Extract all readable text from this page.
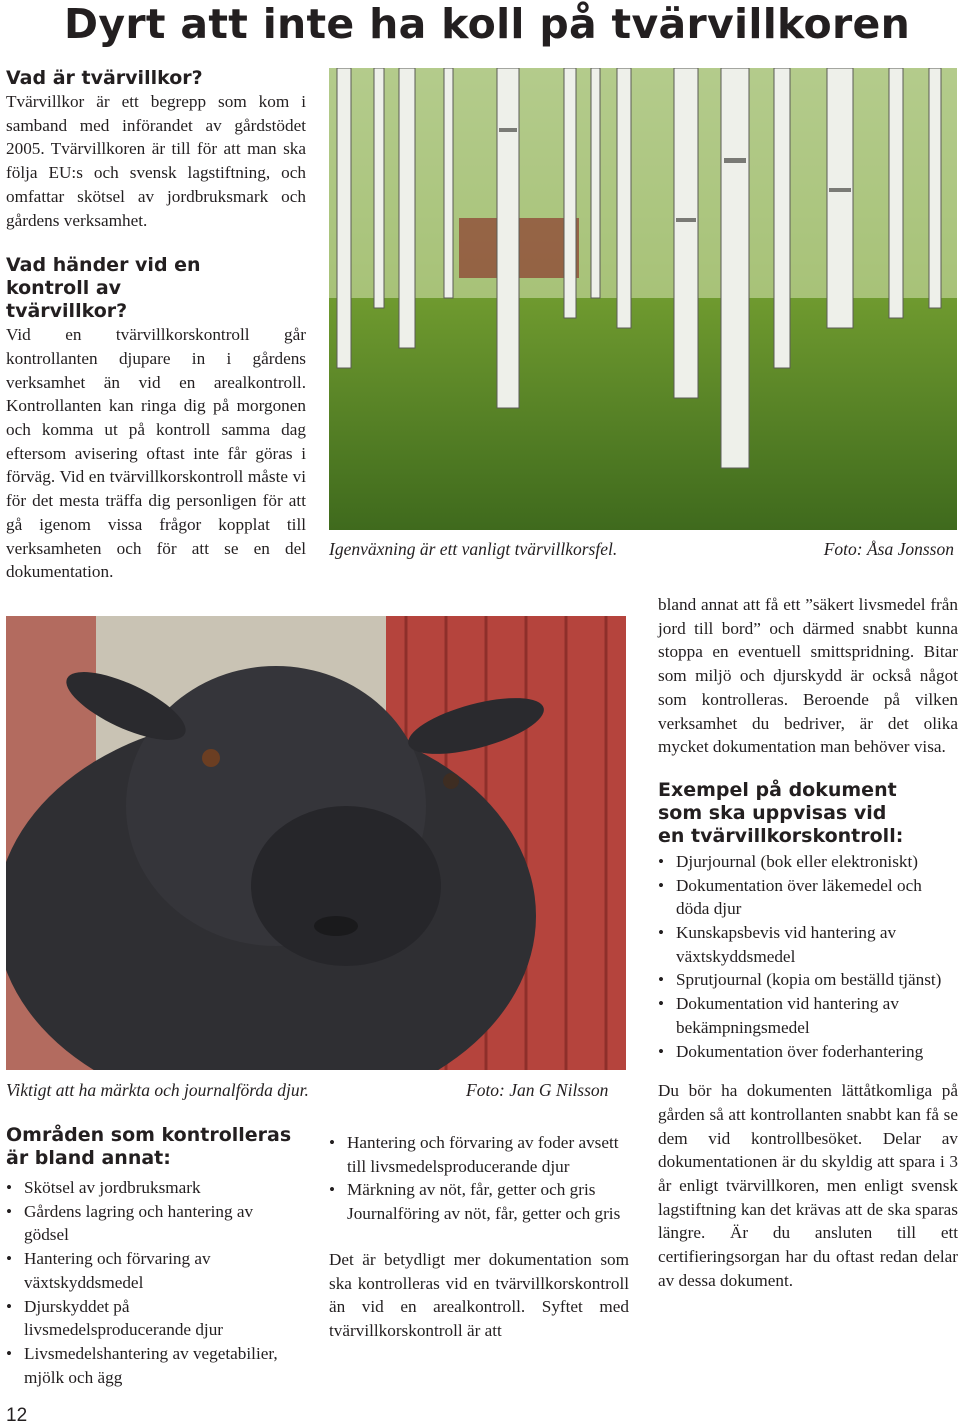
Dyrt att inte ha koll på tvärvillkoren
Vad är tvärvillkor?

Tvärvillkor är ett begrepp som kom i samband med införandet av gårdstödet 2005. Tvärvillkoren är till för att man ska följa EU:s och svensk lagstiftning, och omfattar skötsel av jordbruksmark och gårdens verksamhet.

Vad händer vid en kontroll av tvärvillkor?

Vid en tvärvillkorskontroll går kontrollanten djupare in i gårdens verksamhet än vid en arealkontroll. Kontrollanten kan ringa dig på morgonen och komma ut på kontroll samma dag eftersom avisering oftast inte får göras i förväg. Vid en tvärvillkorskontroll måste vi för det mesta träffa dig personligen för att gå igenom vissa frågor kopplat till verksamheten och för att se en del dokumentation.

Igenväxning är ett vanligt tvärvillkorsfel.	Foto: Åsa Jonsson
Viktigt att ha märkta och journalförda djur.	Foto: Jan G Nilsson

bland annat att få ett ”säkert livsmedel från jord till bord” och därmed snabbt kunna stoppa en eventuell smittspridning. Bitar som miljö och djurskydd är också något som kontrolleras. Beroende på vilken verksamhet du bedriver, är det olika mycket dokumentation man behöver visa.

Exempel på dokument som ska uppvisas vid en tvärvillkorskontroll:
• Djurjournal (bok eller elektroniskt)
• Dokumentation över läkemedel och döda djur
• Kunskapsbevis vid hantering av växtskyddsmedel
• Sprutjournal (kopia om beställd tjänst)
• Dokumentation vid hantering av bekämpningsmedel
• Dokumentation över foderhantering

Du bör ha dokumenten lättåtkomliga på gården så att kontrollanten snabbt kan få se dem vid kontrollbesöket. Delar av dokumentationen är du skyldig att spara i 3 år enligt tvärvillkoren, men enligt svensk lagstiftning kan det krävas att de ska sparas längre. Är du ansluten till ett certifieringsorgan har du oftast redan delar av dessa dokument.

Områden som kontrolleras är bland annat:
• Skötsel av jordbruksmark
• Gårdens lagring och hantering av gödsel
• Hantering och förvaring av växtskyddsmedel
• Djurskyddet på livsmedelsproducerande djur
• Livsmedelshantering av vegetabilier, mjölk och ägg
• Hantering och förvaring av foder avsett till livsmedelsproducerande djur
• Märkning av nöt, får, getter och gris Journalföring av nöt, får, getter och gris

Det är betydligt mer dokumentation som ska kontrolleras vid en tvärvillkorskontroll än vid en arealkontroll. Syftet med tvärvillkorskontroll är att

12
